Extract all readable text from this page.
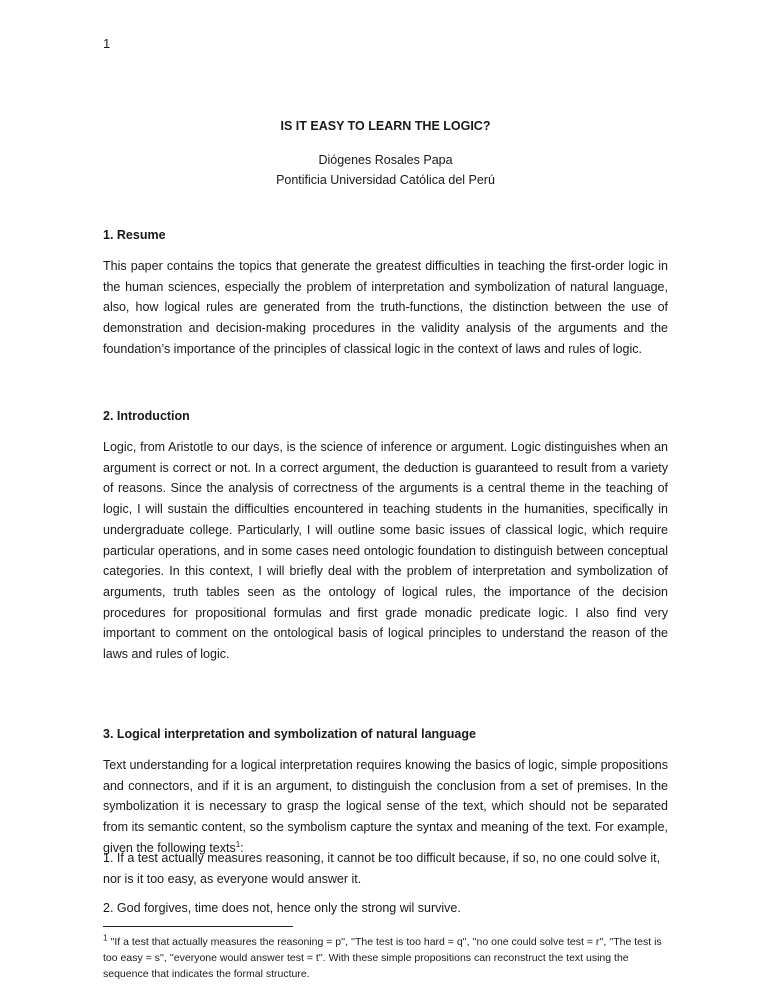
1
IS IT EASY TO LEARN THE LOGIC?
Diógenes Rosales Papa
Pontificia Universidad Católica del Perú
1. Resume

This paper contains the topics that generate the greatest difficulties in teaching the first-order logic in the human sciences, especially the problem of interpretation and symbolization of natural language, also, how logical rules are generated from the truth-functions, the distinction between the use of demonstration and decision-making procedures in the validity analysis of the arguments and the foundation’s importance of the principles of classical logic in the context of laws and rules of logic.

2. Introduction

Logic, from Aristotle to our days, is the science of inference or argument. Logic distinguishes when an argument is correct or not. In a correct argument, the deduction is guaranteed to result from a variety of reasons. Since the analysis of correctness of the arguments is a central theme in the teaching of logic, I will sustain the difficulties encountered in teaching students in the humanities, specifically in undergraduate college. Particularly, I will outline some basic issues of classical logic, which require particular operations, and in some cases need ontologic foundation to distinguish between conceptual categories. In this context, I will briefly deal with the problem of interpretation and symbolization of arguments, truth tables seen as the ontology of logical rules, the importance of the decision procedures for propositional formulas and first grade monadic predicate logic. I also find very important to comment on the ontological basis of logical principles to understand the reason of the laws and rules of logic.

3. Logical interpretation and symbolization of natural language

Text understanding for a logical interpretation requires knowing the basics of logic, simple propositions and connectors, and if it is an argument, to distinguish the conclusion from a set of premises. In the symbolization it is necessary to grasp the logical sense of the text, which should not be separated from its semantic content, so the symbolism capture the syntax and meaning of the text. For example, given the following texts$^1$:

1. If a test actually measures reasoning, it cannot be too difficult because, if so, no one could solve it, nor is it too easy, as everyone would answer it.

2. God forgives, time does not, hence only the strong wil survive.

$^1$ ''If a test that actually measures the reasoning = p'', ''The test is too hard = q'', ''no one could solve test = r'', ''The test is too easy = s'', ''everyone would answer test = t''. With these simple propositions can reconstruct the text using the sequence that indicates the formal structure.
